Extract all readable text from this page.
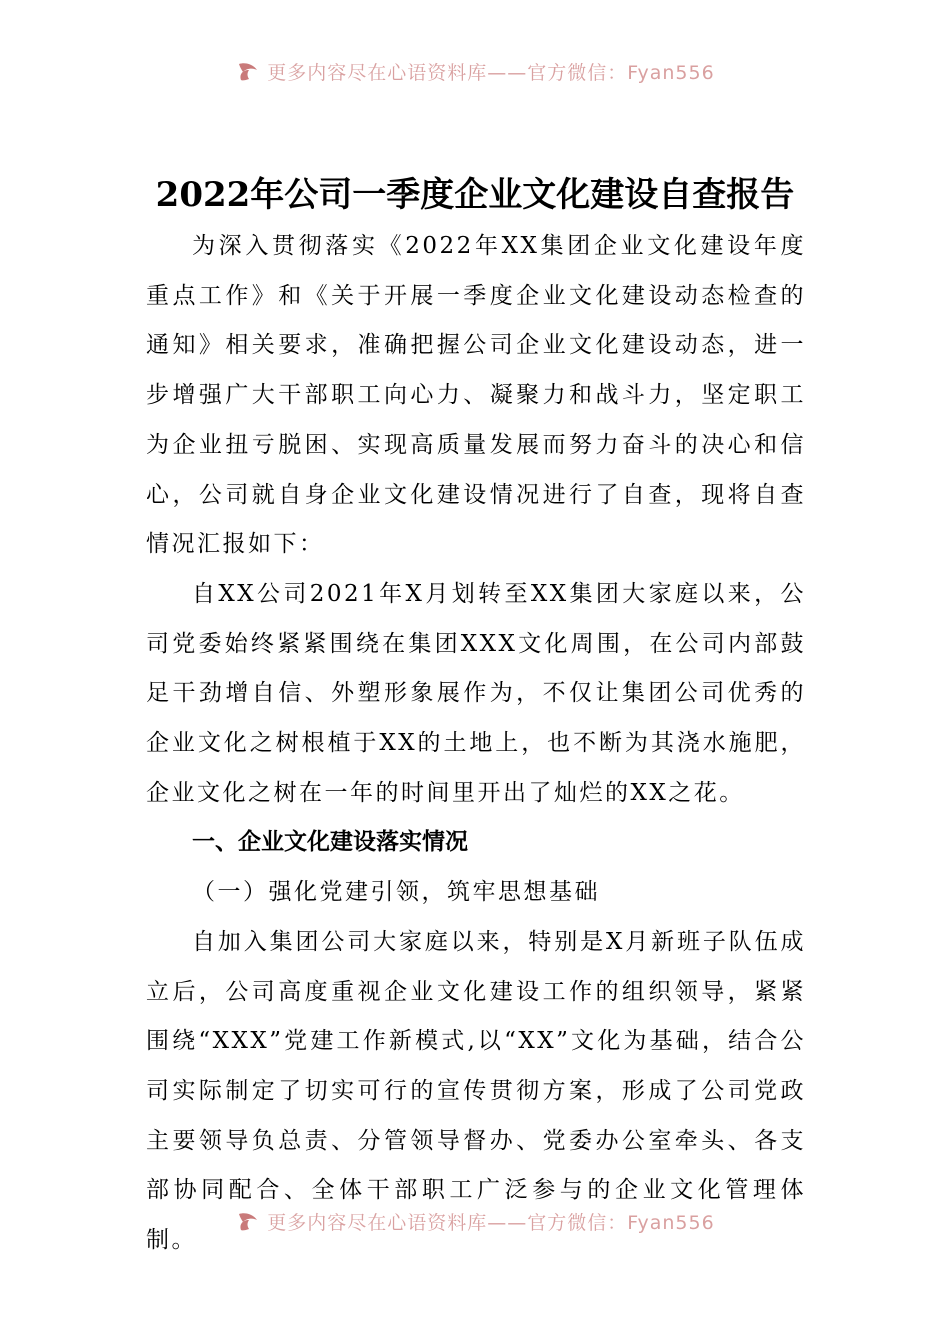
更多内容尽在心语资料库——官方微信：Fyan556
2022年公司一季度企业文化建设自查报告

为深入贯彻落实《2022年XX集团企业文化建设年度重点工作》和《关于开展一季度企业文化建设动态检查的通知》相关要求，准确把握公司企业文化建设动态，进一步增强广大干部职工向心力、凝聚力和战斗力，坚定职工为企业扭亏脱困、实现高质量发展而努力奋斗的决心和信心，公司就自身企业文化建设情况进行了自查，现将自查情况汇报如下：

自XX公司2021年X月划转至XX集团大家庭以来，公司党委始终紧紧围绕在集团XXX文化周围，在公司内部鼓足干劲增自信、外塑形象展作为，不仅让集团公司优秀的企业文化之树根植于XX的土地上，也不断为其浇水施肥，企业文化之树在一年的时间里开出了灿烂的XX之花。

一、企业文化建设落实情况

（一）强化党建引领，筑牢思想基础

自加入集团公司大家庭以来，特别是X月新班子队伍成立后，公司高度重视企业文化建设工作的组织领导，紧紧围绕“XXX”党建工作新模式,以“XX”文化为基础，结合公司实际制定了切实可行的宣传贯彻方案，形成了公司党政主要领导负总责、分管领导督办、党委办公室牵头、各支部协同配合、全体干部职工广泛参与的企业文化管理体制。

更多内容尽在心语资料库——官方微信：Fyan556
